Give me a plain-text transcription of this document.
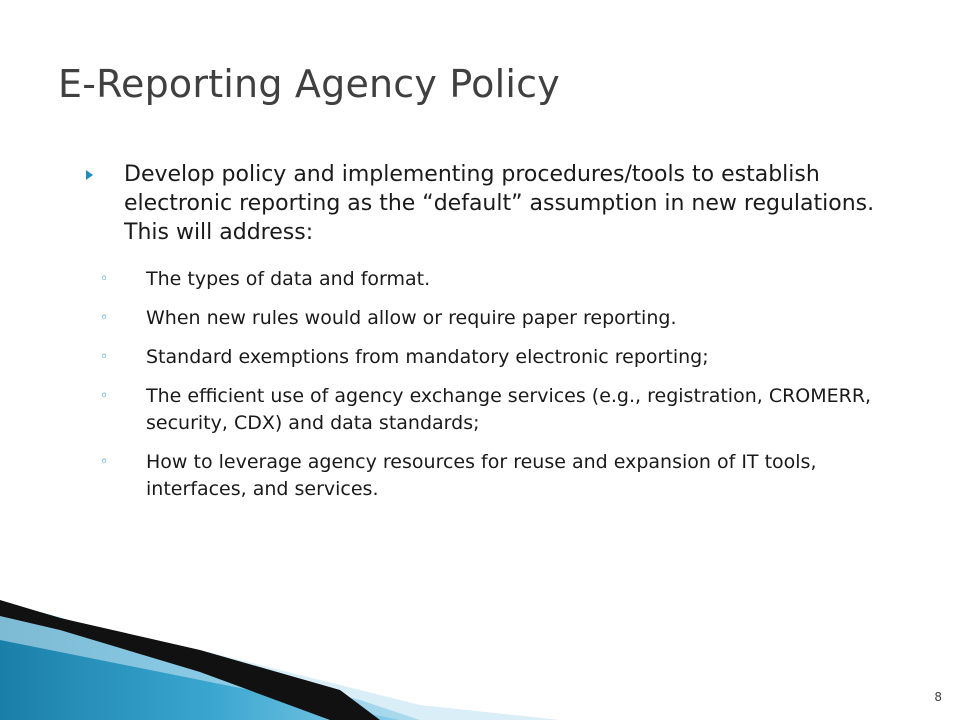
E-Reporting Agency Policy
Develop policy and implementing procedures/tools to establish electronic reporting as the “default” assumption in new regulations. This will address:
◦ The types of data and format.
◦ When new rules would allow or require paper reporting.
◦ Standard exemptions from mandatory electronic reporting;
◦ The efficient use of agency exchange services (e.g., registration, CROMERR, security, CDX) and data standards;
◦ How to leverage agency resources for reuse and expansion of IT tools, interfaces, and services.
8
